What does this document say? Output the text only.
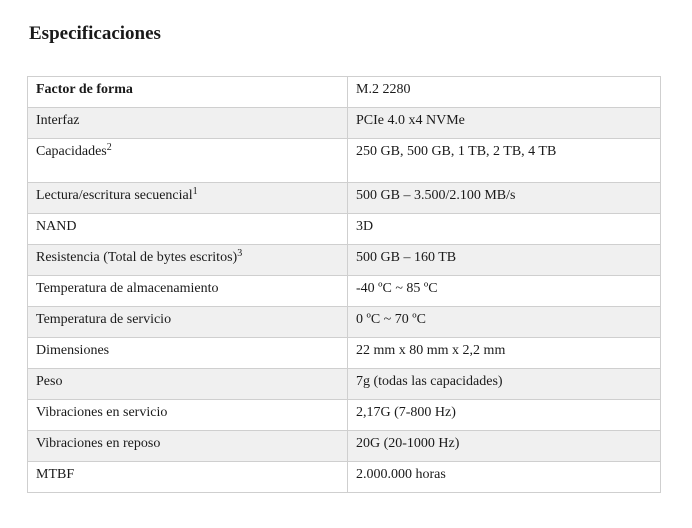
Especificaciones
Factor de forma	M.2 2280
Interfaz	PCIe 4.0 x4 NVMe
Capacidades$^2$	250 GB, 500 GB, 1 TB, 2 TB, 4 TB
Lectura/escritura secuencial$^1$	500 GB – 3.500/2.100 MB/s
NAND	3D
Resistencia (Total de bytes escritos)$^3$	500 GB – 160 TB
Temperatura de almacenamiento	-40 ºC ~ 85 ºC
Temperatura de servicio	0 ºC ~ 70 ºC
Dimensiones	22 mm x 80 mm x 2,2 mm
Peso	7g (todas las capacidades)
Vibraciones en servicio	2,17G (7-800 Hz)
Vibraciones en reposo	20G (20-1000 Hz)
MTBF	2.000.000 horas
